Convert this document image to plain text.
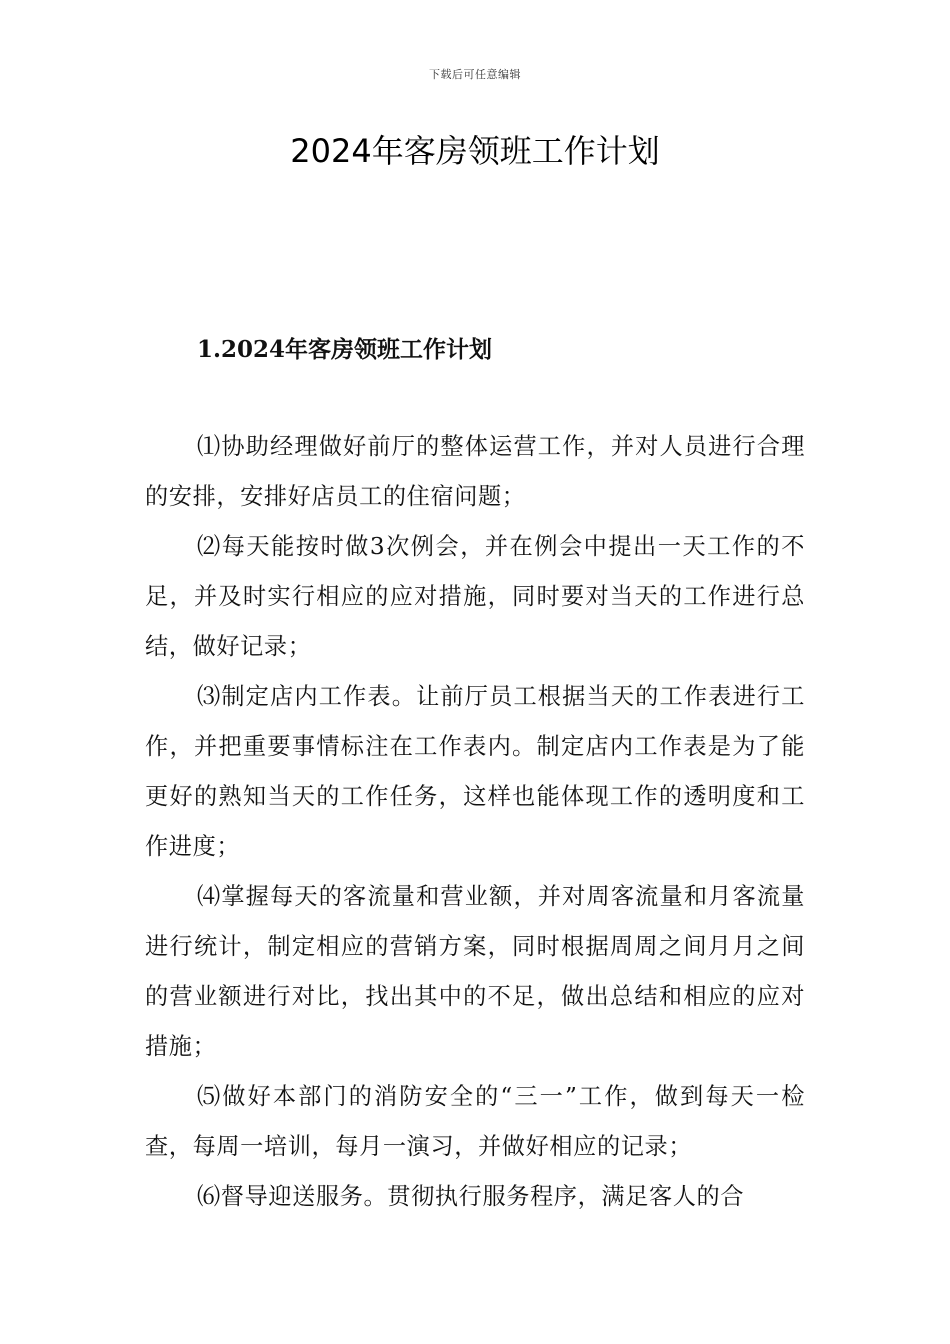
下载后可任意编辑
2024年客房领班工作计划
1.2024年客房领班工作计划

⑴协助经理做好前厅的整体运营工作，并对人员进行合理的安排，安排好店员工的住宿问题；

⑵每天能按时做3次例会，并在例会中提出一天工作的不足，并及时实行相应的应对措施，同时要对当天的工作进行总结，做好记录；

⑶制定店内工作表。让前厅员工根据当天的工作表进行工作，并把重要事情标注在工作表内。制定店内工作表是为了能更好的熟知当天的工作任务，这样也能体现工作的透明度和工作进度；

⑷掌握每天的客流量和营业额，并对周客流量和月客流量进行统计，制定相应的营销方案，同时根据周周之间月月之间的营业额进行对比，找出其中的不足，做出总结和相应的应对措施；

⑸做好本部门的消防安全的“三一”工作，做到每天一检查，每周一培训，每月一演习，并做好相应的记录；

⑹督导迎送服务。贯彻执行服务程序，满足客人的合
